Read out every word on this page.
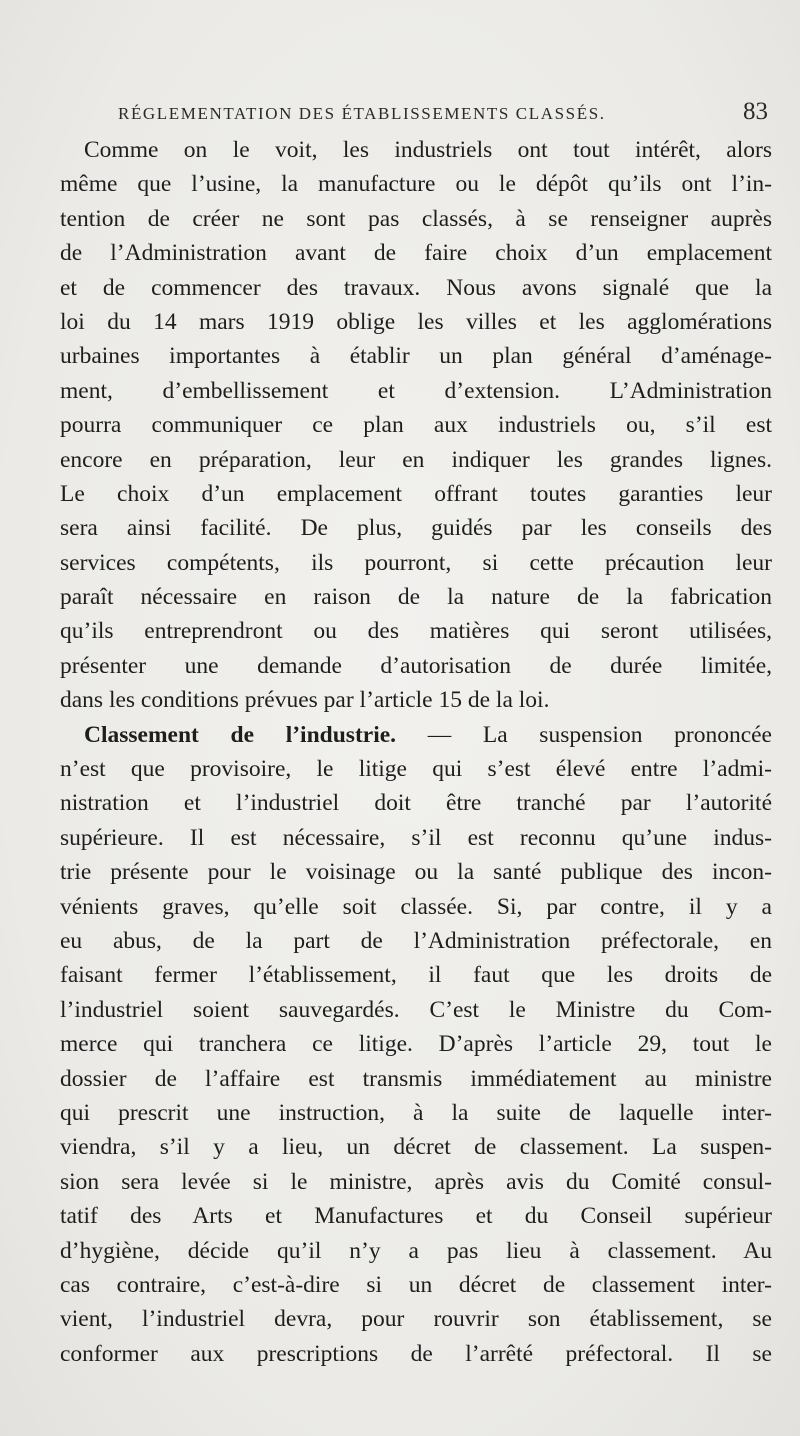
RÉGLEMENTATION DES ÉTABLISSEMENTS CLASSÉS.	83
Comme on le voit, les industriels ont tout intérêt, alors
même que l’usine, la manufacture ou le dépôt qu’ils ont l’in-
tention de créer ne sont pas classés, à se renseigner auprès
de l’Administration avant de faire choix d’un emplacement
et de commencer des travaux. Nous avons signalé que la
loi du 14 mars 1919 oblige les villes et les agglomérations
urbaines importantes à établir un plan général d’aménage-
ment, d’embellissement et d’extension. L’Administration
pourra communiquer ce plan aux industriels ou, s’il est
encore en préparation, leur en indiquer les grandes lignes.
Le choix d’un emplacement offrant toutes garanties leur
sera ainsi facilité. De plus, guidés par les conseils des
services compétents, ils pourront, si cette précaution leur
paraît nécessaire en raison de la nature de la fabrication
qu’ils entreprendront ou des matières qui seront utilisées,
présenter une demande d’autorisation de durée limitée,
dans les conditions prévues par l’article 15 de la loi.
Classement de l’industrie. — La suspension prononcée
n’est que provisoire, le litige qui s’est élevé entre l’admi-
nistration et l’industriel doit être tranché par l’autorité
supérieure. Il est nécessaire, s’il est reconnu qu’une indus-
trie présente pour le voisinage ou la santé publique des incon-
vénients graves, qu’elle soit classée. Si, par contre, il y a
eu abus, de la part de l’Administration préfectorale, en
faisant fermer l’établissement, il faut que les droits de
l’industriel soient sauvegardés. C’est le Ministre du Com-
merce qui tranchera ce litige. D’après l’article 29, tout le
dossier de l’affaire est transmis immédiatement au ministre
qui prescrit une instruction, à la suite de laquelle inter-
viendra, s’il y a lieu, un décret de classement. La suspen-
sion sera levée si le ministre, après avis du Comité consul-
tatif des Arts et Manufactures et du Conseil supérieur
d’hygiène, décide qu’il n’y a pas lieu à classement. Au
cas contraire, c’est-à-dire si un décret de classement inter-
vient, l’industriel devra, pour rouvrir son établissement, se
conformer aux prescriptions de l’arrêté préfectoral. Il se
